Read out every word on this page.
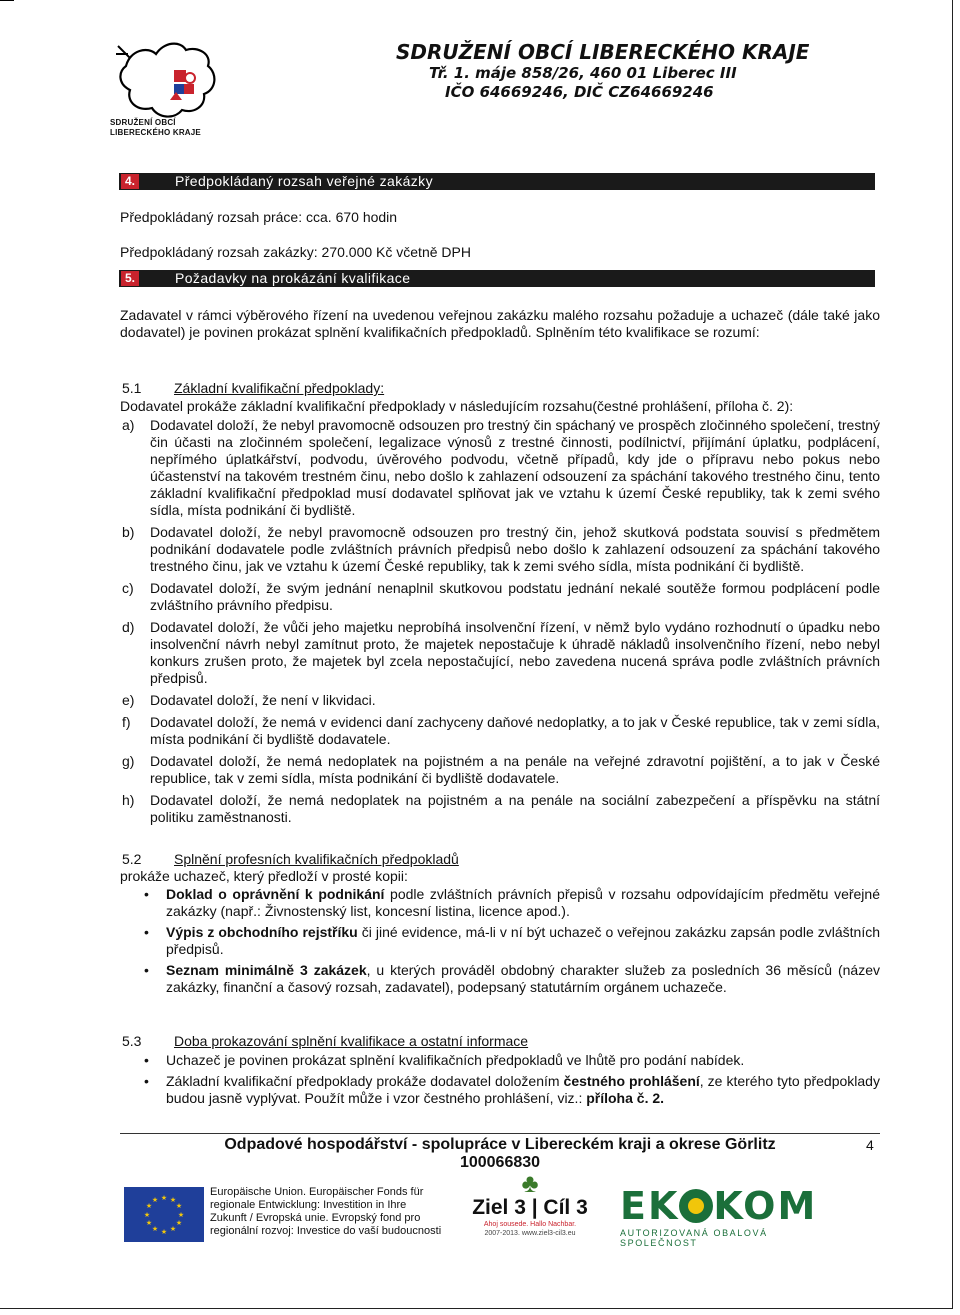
SDRUŽENÍ OBCÍ
LIBERECKÉHO KRAJE
SDRUŽENÍ OBCÍ LIBERECKÉHO KRAJE
Tř. 1. máje 858/26, 460 01 Liberec III
IČO 64669246, DIČ CZ64669246
4.	Předpokládaný rozsah veřejné zakázky
Předpokládaný rozsah práce: cca. 670 hodin
Předpokládaný rozsah zakázky: 270.000 Kč včetně DPH
5.	Požadavky na prokázání kvalifikace
Zadavatel v rámci výběrového řízení na uvedenou veřejnou zakázku malého rozsahu požaduje a uchazeč (dále také jako dodavatel) je povinen prokázat splnění kvalifikačních předpokladů. Splněním této kvalifikace se rozumí:
5.1 Základní kvalifikační předpoklady:
Dodavatel prokáže základní kvalifikační předpoklady v následujícím rozsahu(čestné prohlášení, příloha č. 2):
a) Dodavatel doloží, že nebyl pravomocně odsouzen pro trestný čin spáchaný ve prospěch zločinného společení, trestný čin účasti na zločinném společení, legalizace výnosů z trestné činnosti, podílnictví, přijímání úplatku, podplácení, nepřímého úplatkářství, podvodu, úvěrového podvodu, včetně případů, kdy jde o přípravu nebo pokus nebo účastenství na takovém trestném činu, nebo došlo k zahlazení odsouzení za spáchání takového trestného činu, tento základní kvalifikační předpoklad musí dodavatel splňovat jak ve vztahu k území České republiky, tak k zemi svého sídla, místa podnikání či bydliště.
b) Dodavatel doloží, že nebyl pravomocně odsouzen pro trestný čin, jehož skutková podstata souvisí s předmětem podnikání dodavatele podle zvláštních právních předpisů nebo došlo k zahlazení odsouzení za spáchání takového trestného činu, jak ve vztahu k území České republiky, tak k zemi svého sídla, místa podnikání či bydliště.
c) Dodavatel doloží, že svým jednání nenaplnil skutkovou podstatu jednání nekalé soutěže formou podplácení podle zvláštního právního předpisu.
d) Dodavatel doloží, že vůči jeho majetku neprobíhá insolvenční řízení, v němž bylo vydáno rozhodnutí o úpadku nebo insolvenční návrh nebyl zamítnut proto, že majetek nepostačuje k úhradě nákladů insolvenčního řízení, nebo nebyl konkurs zrušen proto, že majetek byl zcela nepostačující, nebo zavedena nucená správa podle zvláštních právních předpisů.
e) Dodavatel doloží, že není v likvidaci.
f) Dodavatel doloží, že nemá v evidenci daní zachyceny daňové nedoplatky, a to jak v České republice, tak v zemi sídla, místa podnikání či bydliště dodavatele.
g) Dodavatel doloží, že nemá nedoplatek na pojistném a na penále na veřejné zdravotní pojištění, a to jak v České republice, tak v zemi sídla, místa podnikání či bydliště dodavatele.
h) Dodavatel doloží, že nemá nedoplatek na pojistném a na penále na sociální zabezpečení a příspěvku na státní politiku zaměstnanosti.
5.2 Splnění profesních kvalifikačních předpokladů
prokáže uchazeč, který předloží v prosté kopii:
• Doklad o oprávnění k podnikání podle zvláštních právních přepisů v rozsahu odpovídajícím předmětu veřejné zakázky (např.: Živnostenský list, koncesní listina, licence apod.).
• Výpis z obchodního rejstříku či jiné evidence, má-li v ní být uchazeč o veřejnou zakázku zapsán podle zvláštních předpisů.
• Seznam minimálně 3 zakázek, u kterých prováděl obdobný charakter služeb za posledních 36 měsíců (název zakázky, finanční a časový rozsah, zadavatel), podepsaný statutárním orgánem uchazeče.
5.3 Doba prokazování splnění kvalifikace a ostatní informace
• Uchazeč je povinen prokázat splnění kvalifikačních předpokladů ve lhůtě pro podání nabídek.
• Základní kvalifikační předpoklady prokáže dodavatel doložením čestného prohlášení, ze kterého tyto předpoklady budou jasně vyplývat. Použít může i vzor čestného prohlášení, viz.: příloha č. 2.
Odpadové hospodářství - spolupráce v Libereckém kraji a okrese Görlitz
100066830
4
★ ★
★
★
★
★
★
★
★
★
★
★
Europäische Union. Europäischer Fonds für
regionale Entwicklung: Investition in Ihre
Zukunft / Evropská unie. Evropský fond pro
regionální rozvoj: Investice do vaší budoucnosti
♣
Ziel 3 | Cíl 3
Ahoj sousede. Hallo Nachbar.
2007-2013. www.ziel3-cil3.eu
EK KOM
AUTORIZOVANÁ OBALOVÁ SPOLEČNOST
